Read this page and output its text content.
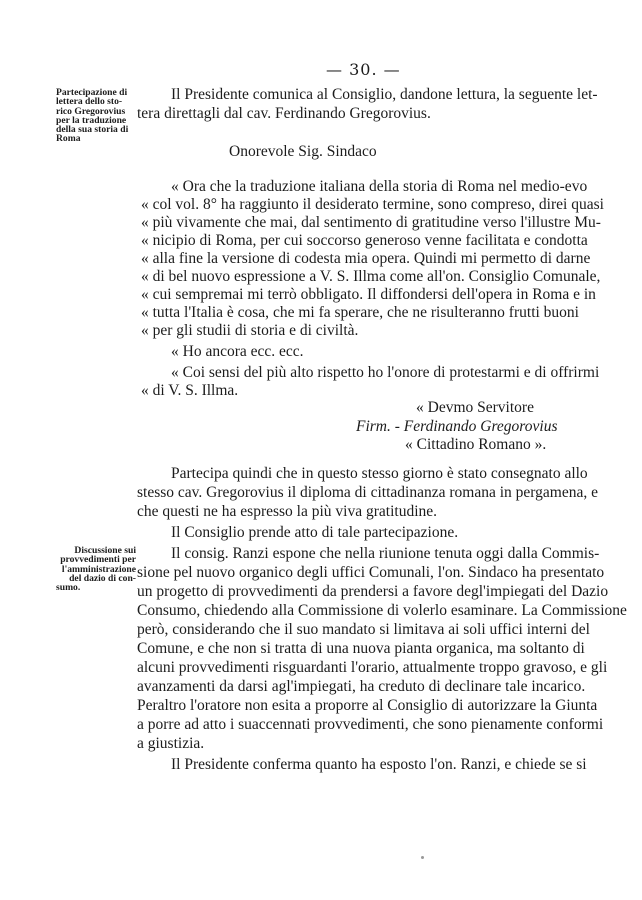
— 30. —
Partecipazione di
lettera dello sto-
rico Gregorovius
per la traduzione
della sua storia di
Roma
Discussione sui
provvedimenti per
l'amministrazione
del dazio di con-
sumo.
Il Presidente comunica al Consiglio, dandone lettura, la seguente let-
tera direttagli dal cav. Ferdinando Gregorovius.
Onorevole Sig. Sindaco
« Ora che la traduzione italiana della storia di Roma nel medio-evo
« col vol. 8° ha raggiunto il desiderato termine, sono compreso, direi quasi
« più vivamente che mai, dal sentimento di gratitudine verso l'illustre Mu-
« nicipio di Roma, per cui soccorso generoso venne facilitata e condotta
« alla fine la versione di codesta mia opera. Quindi mi permetto di darne
« di bel nuovo espressione a V. S. Illma come all'on. Consiglio Comunale,
« cui sempremai mi terrò obbligato. Il diffondersi dell'opera in Roma e in
« tutta l'Italia è cosa, che mi fa sperare, che ne risulteranno frutti buoni
« per gli studii di storia e di civiltà.
« Ho ancora ecc. ecc.
« Coi sensi del più alto rispetto ho l'onore di protestarmi e di offrirmi
« di V. S. Illma.
« Devmo Servitore
Firm. - Ferdinando Gregorovius
« Cittadino Romano ».
Partecipa quindi che in questo stesso giorno è stato consegnato allo
stesso cav. Gregorovius il diploma di cittadinanza romana in pergamena, e
che questi ne ha espresso la più viva gratitudine.
Il Consiglio prende atto di tale partecipazione.
Il consig. Ranzi espone che nella riunione tenuta oggi dalla Commis-
sione pel nuovo organico degli uffici Comunali, l'on. Sindaco ha presentato
un progetto di provvedimenti da prendersi a favore degl'impiegati del Dazio
Consumo, chiedendo alla Commissione di volerlo esaminare. La Commissione
però, considerando che il suo mandato si limitava ai soli uffici interni del
Comune, e che non si tratta di una nuova pianta organica, ma soltanto di
alcuni provvedimenti risguardanti l'orario, attualmente troppo gravoso, e gli
avanzamenti da darsi agl'impiegati, ha creduto di declinare tale incarico.
Peraltro l'oratore non esita a proporre al Consiglio di autorizzare la Giunta
a porre ad atto i suaccennati provvedimenti, che sono pienamente conformi
a giustizia.
Il Presidente conferma quanto ha esposto l'on. Ranzi, e chiede se si
